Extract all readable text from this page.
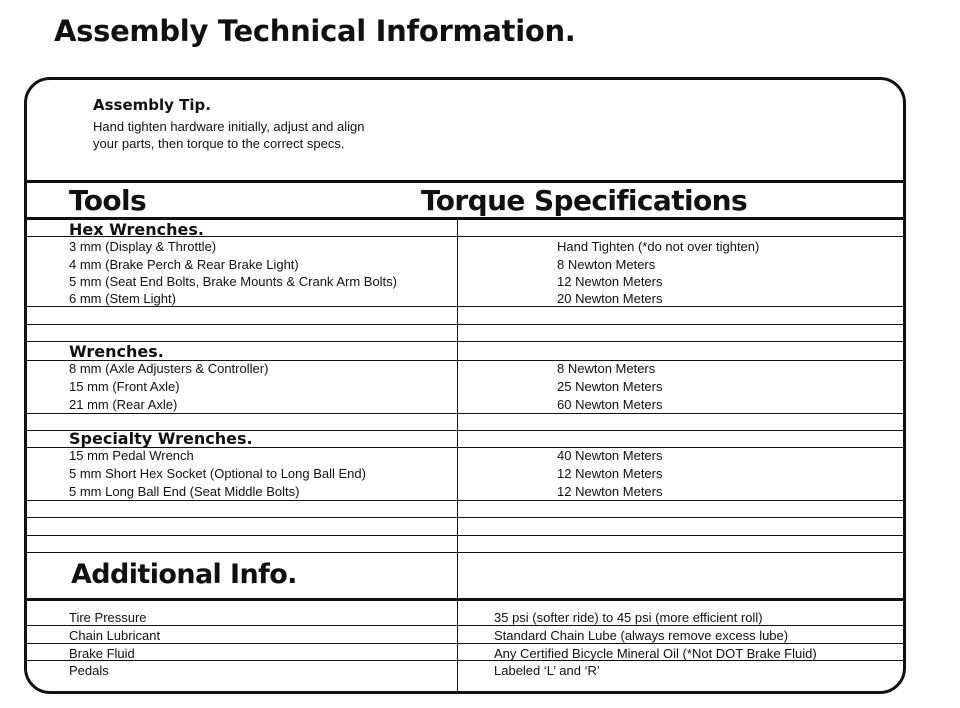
Assembly Technical Information.

Assembly Tip.

Hand tighten hardware initially, adjust and align

your parts, then torque to the correct specs.

Tools	Torque Specifications
Hex Wrenches.
3 mm (Display & Throttle)	Hand Tighten (*do not over tighten)
4 mm (Brake Perch & Rear Brake Light)	8 Newton Meters
5 mm (Seat End Bolts, Brake Mounts & Crank Arm Bolts)	12 Newton Meters
6 mm (Stem Light)	20 Newton Meters
Wrenches.
8 mm (Axle Adjusters & Controller)	8 Newton Meters
15 mm (Front Axle)	25 Newton Meters
21 mm (Rear Axle)	60 Newton Meters
Specialty Wrenches.
15 mm Pedal Wrench	40 Newton Meters
5 mm Short Hex Socket (Optional to Long Ball End)	12 Newton Meters
5 mm Long Ball End (Seat Middle Bolts)	12 Newton Meters
Additional Info.
Tire Pressure	35 psi (softer ride) to 45 psi (more efficient roll)
Chain Lubricant	Standard Chain Lube (always remove excess lube)
Brake Fluid	Any Certified Bicycle Mineral Oil (*Not DOT Brake Fluid)
Pedals	Labeled ‘L’ and ‘R’
